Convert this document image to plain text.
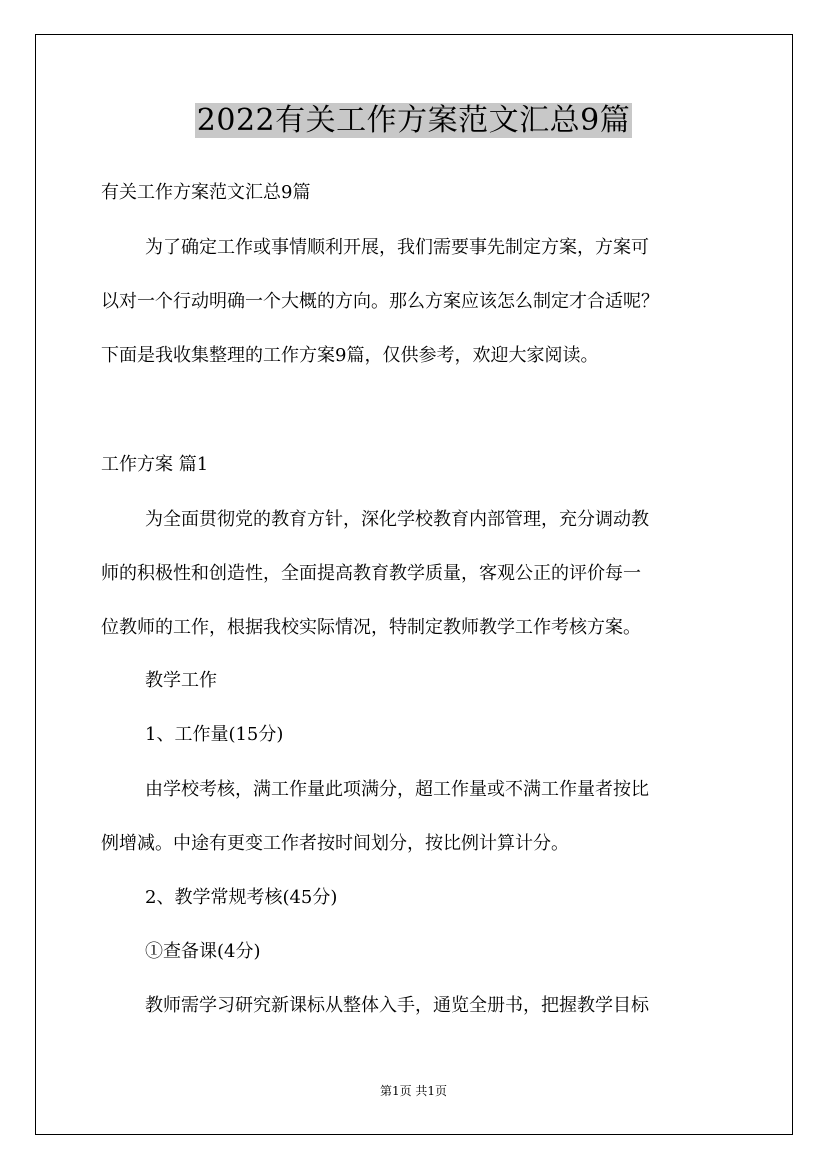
2022有关工作方案范文汇总9篇

有关工作方案范文汇总9篇

为了确定工作或事情顺利开展，我们需要事先制定方案，方案可

以对一个行动明确一个大概的方向。那么方案应该怎么制定才合适呢？

下面是我收集整理的工作方案9篇，仅供参考，欢迎大家阅读。

工作方案 篇1

为全面贯彻党的教育方针，深化学校教育内部管理，充分调动教

师的积极性和创造性，全面提高教育教学质量，客观公正的评价每一

位教师的工作，根据我校实际情况，特制定教师教学工作考核方案。

教学工作

1、工作量(15分)

由学校考核，满工作量此项满分，超工作量或不满工作量者按比

例增减。中途有更变工作者按时间划分，按比例计算计分。

2、教学常规考核(45分)

①查备课(4分)

教师需学习研究新课标从整体入手，通览全册书，把握教学目标

第1页 共1页
